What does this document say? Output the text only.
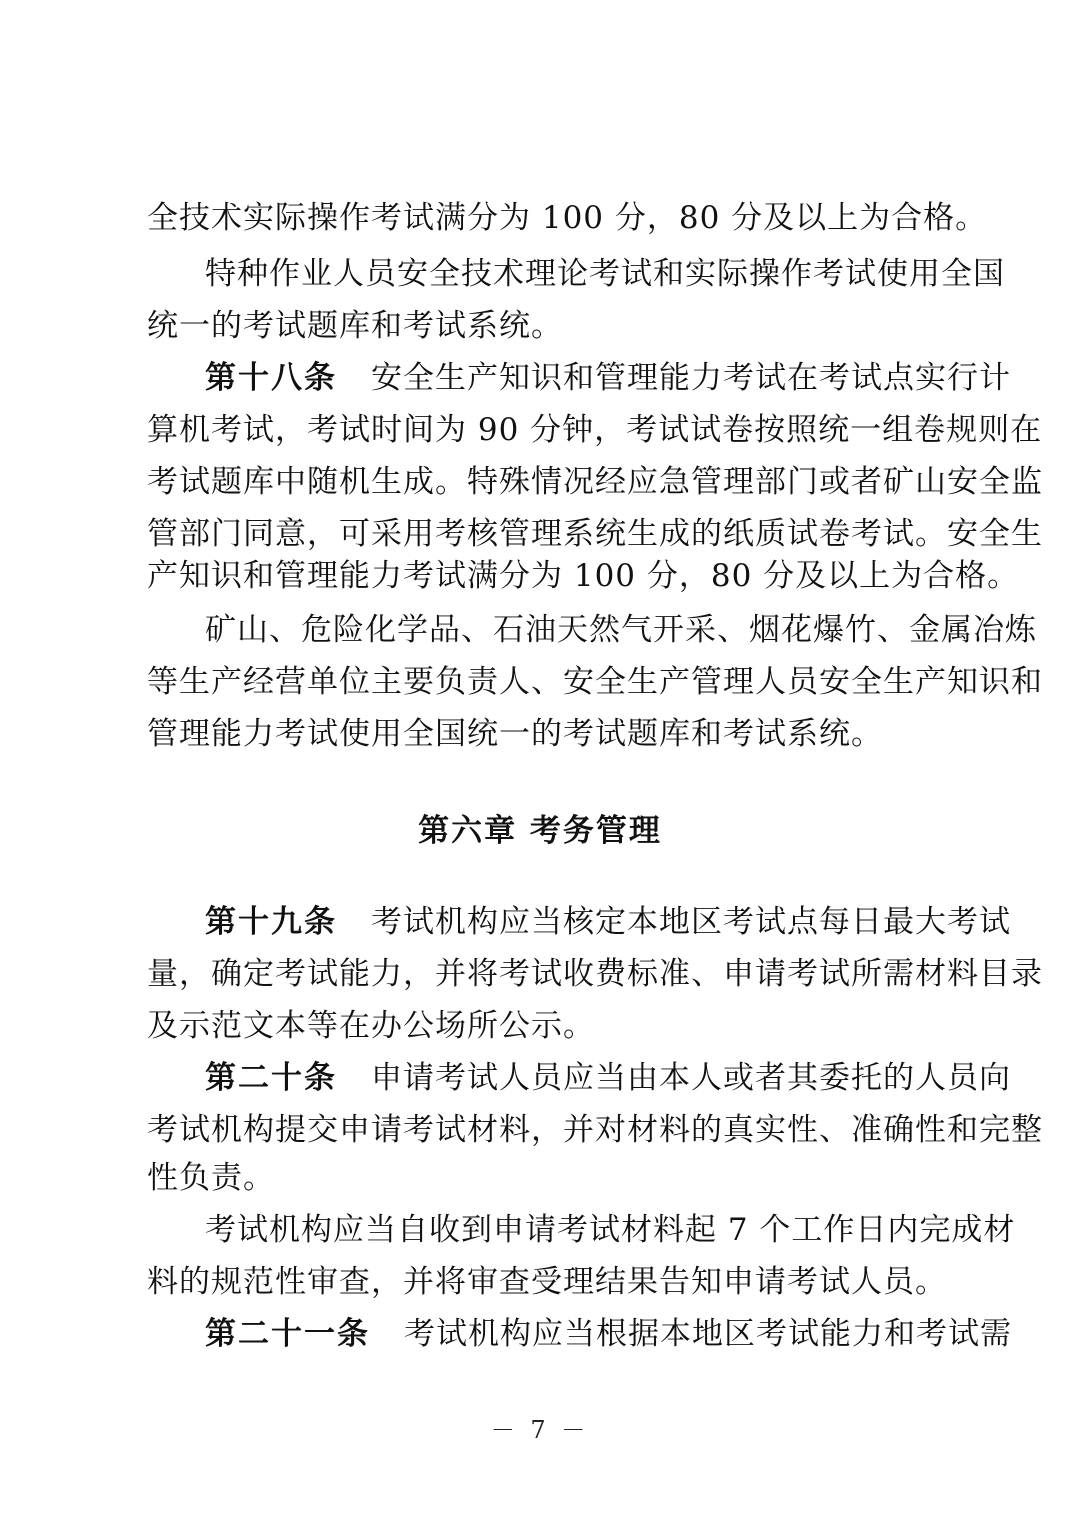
全技术实际操作考试满分为 100 分，80 分及以上为合格。
特种作业人员安全技术理论考试和实际操作考试使用全国
统一的考试题库和考试系统。
第十八条 安全生产知识和管理能力考试在考试点实行计
算机考试，考试时间为 90 分钟，考试试卷按照统一组卷规则在
考试题库中随机生成。特殊情况经应急管理部门或者矿山安全监
管部门同意，可采用考核管理系统生成的纸质试卷考试。安全生
产知识和管理能力考试满分为 100 分，80 分及以上为合格。
矿山、危险化学品、石油天然气开采、烟花爆竹、金属冶炼
等生产经营单位主要负责人、安全生产管理人员安全生产知识和
管理能力考试使用全国统一的考试题库和考试系统。
第六章 考务管理
第十九条 考试机构应当核定本地区考试点每日最大考试
量，确定考试能力，并将考试收费标准、申请考试所需材料目录
及示范文本等在办公场所公示。
第二十条 申请考试人员应当由本人或者其委托的人员向
考试机构提交申请考试材料，并对材料的真实性、准确性和完整
性负责。
考试机构应当自收到申请考试材料起 7 个工作日内完成材
料的规范性审查，并将审查受理结果告知申请考试人员。
第二十一条 考试机构应当根据本地区考试能力和考试需
－ 7 －
